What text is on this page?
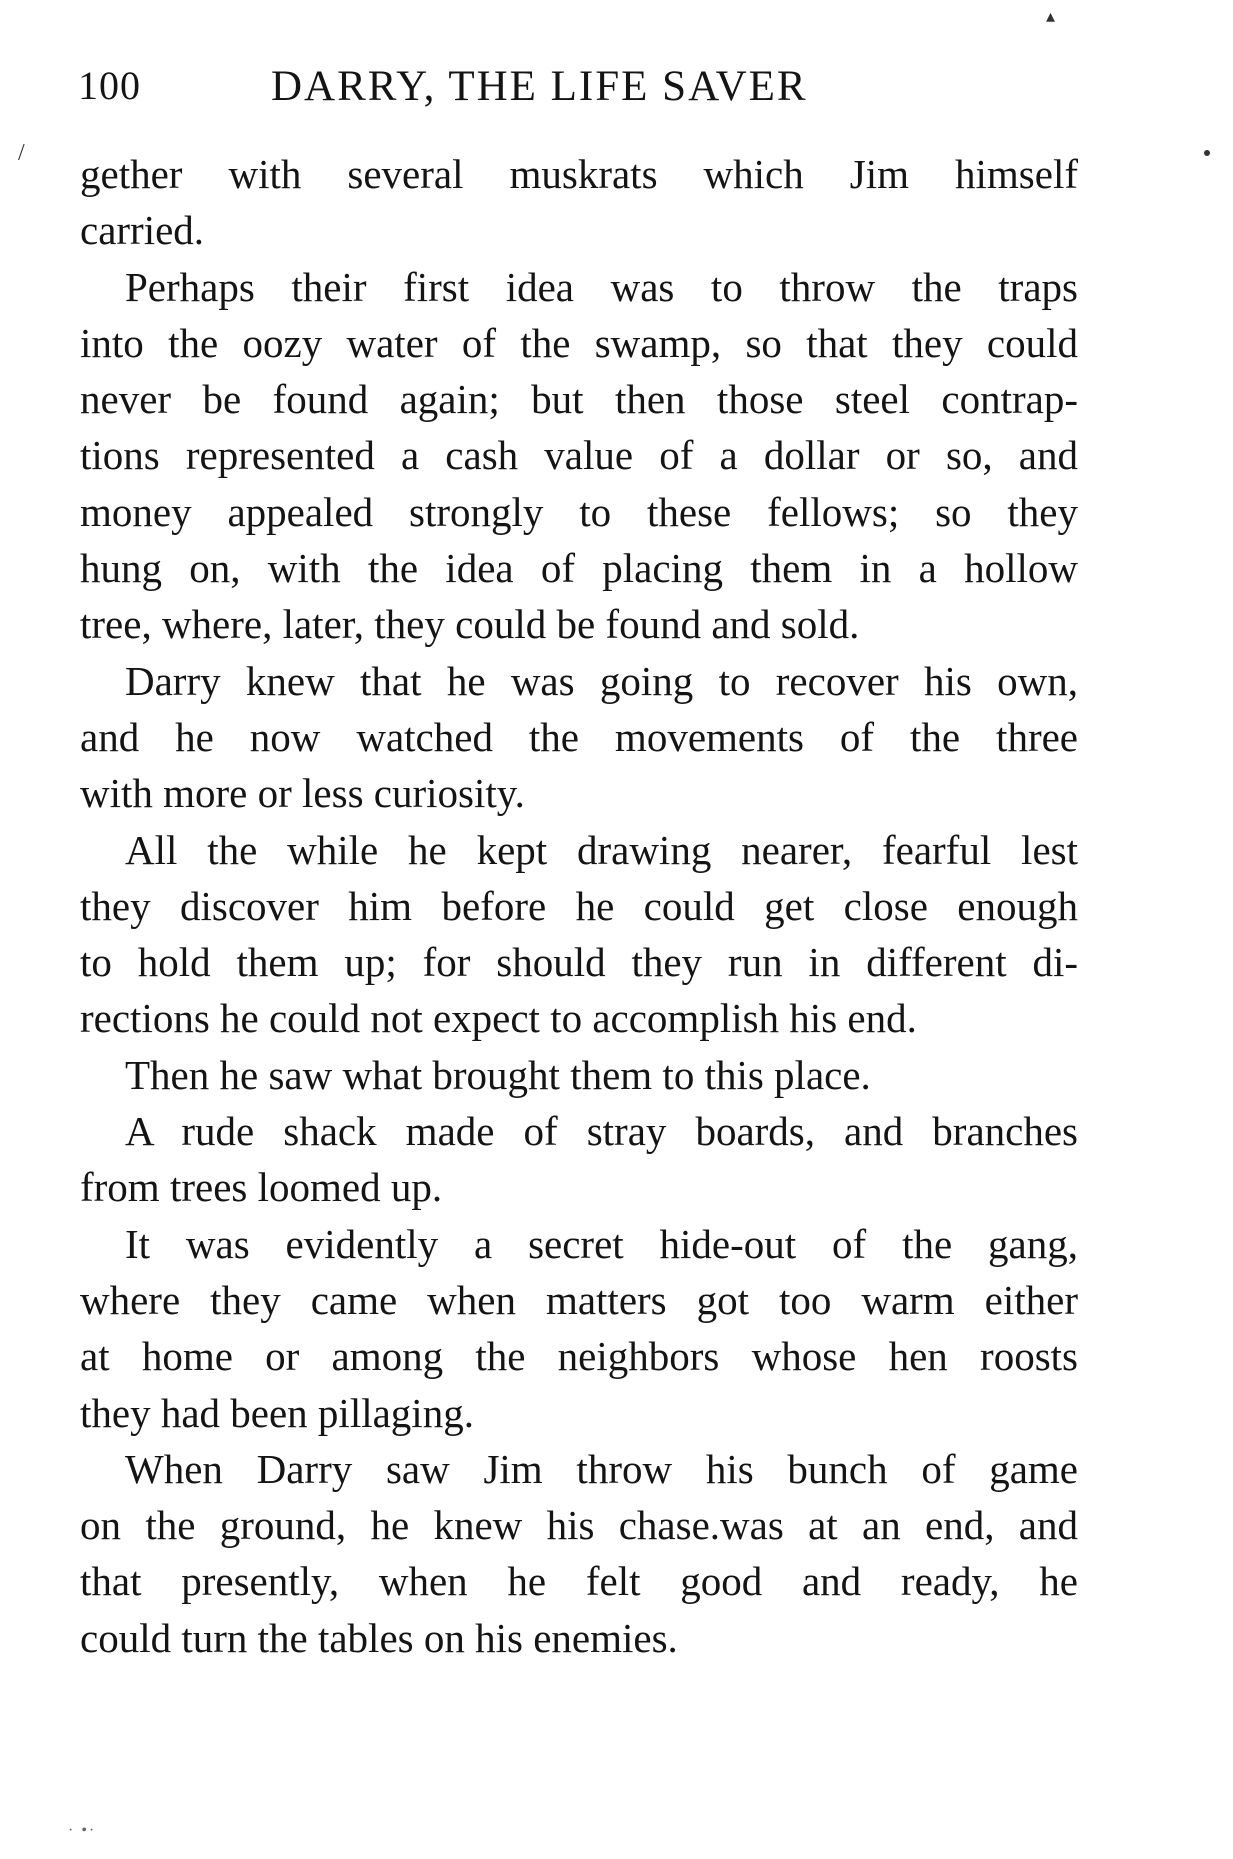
▴
/
100	DARRY, THE LIFE SAVER
gether with several muskrats which Jim himself
carried.
Perhaps their first idea was to throw the traps
into the oozy water of the swamp, so that they could
never be found again; but then those steel contrap-
tions represented a cash value of a dollar or so, and
money appealed strongly to these fellows; so they
hung on, with the idea of placing them in a hollow
tree, where, later, they could be found and sold.
Darry knew that he was going to recover his own,
and he now watched the movements of the three
with more or less curiosity.
All the while he kept drawing nearer, fearful lest
they discover him before he could get close enough
to hold them up; for should they run in different di-
rections he could not expect to accomplish his end.
Then he saw what brought them to this place.
A rude shack made of stray boards, and branches
from trees loomed up.
It was evidently a secret hide-out of the gang,
where they came when matters got too warm either
at home or among the neighbors whose hen roosts
they had been pillaging.
When Darry saw Jim throw his bunch of game
on the ground, he knew his chase.was at an end, and
that presently, when he felt good and ready, he
could turn the tables on his enemies.
· •·
